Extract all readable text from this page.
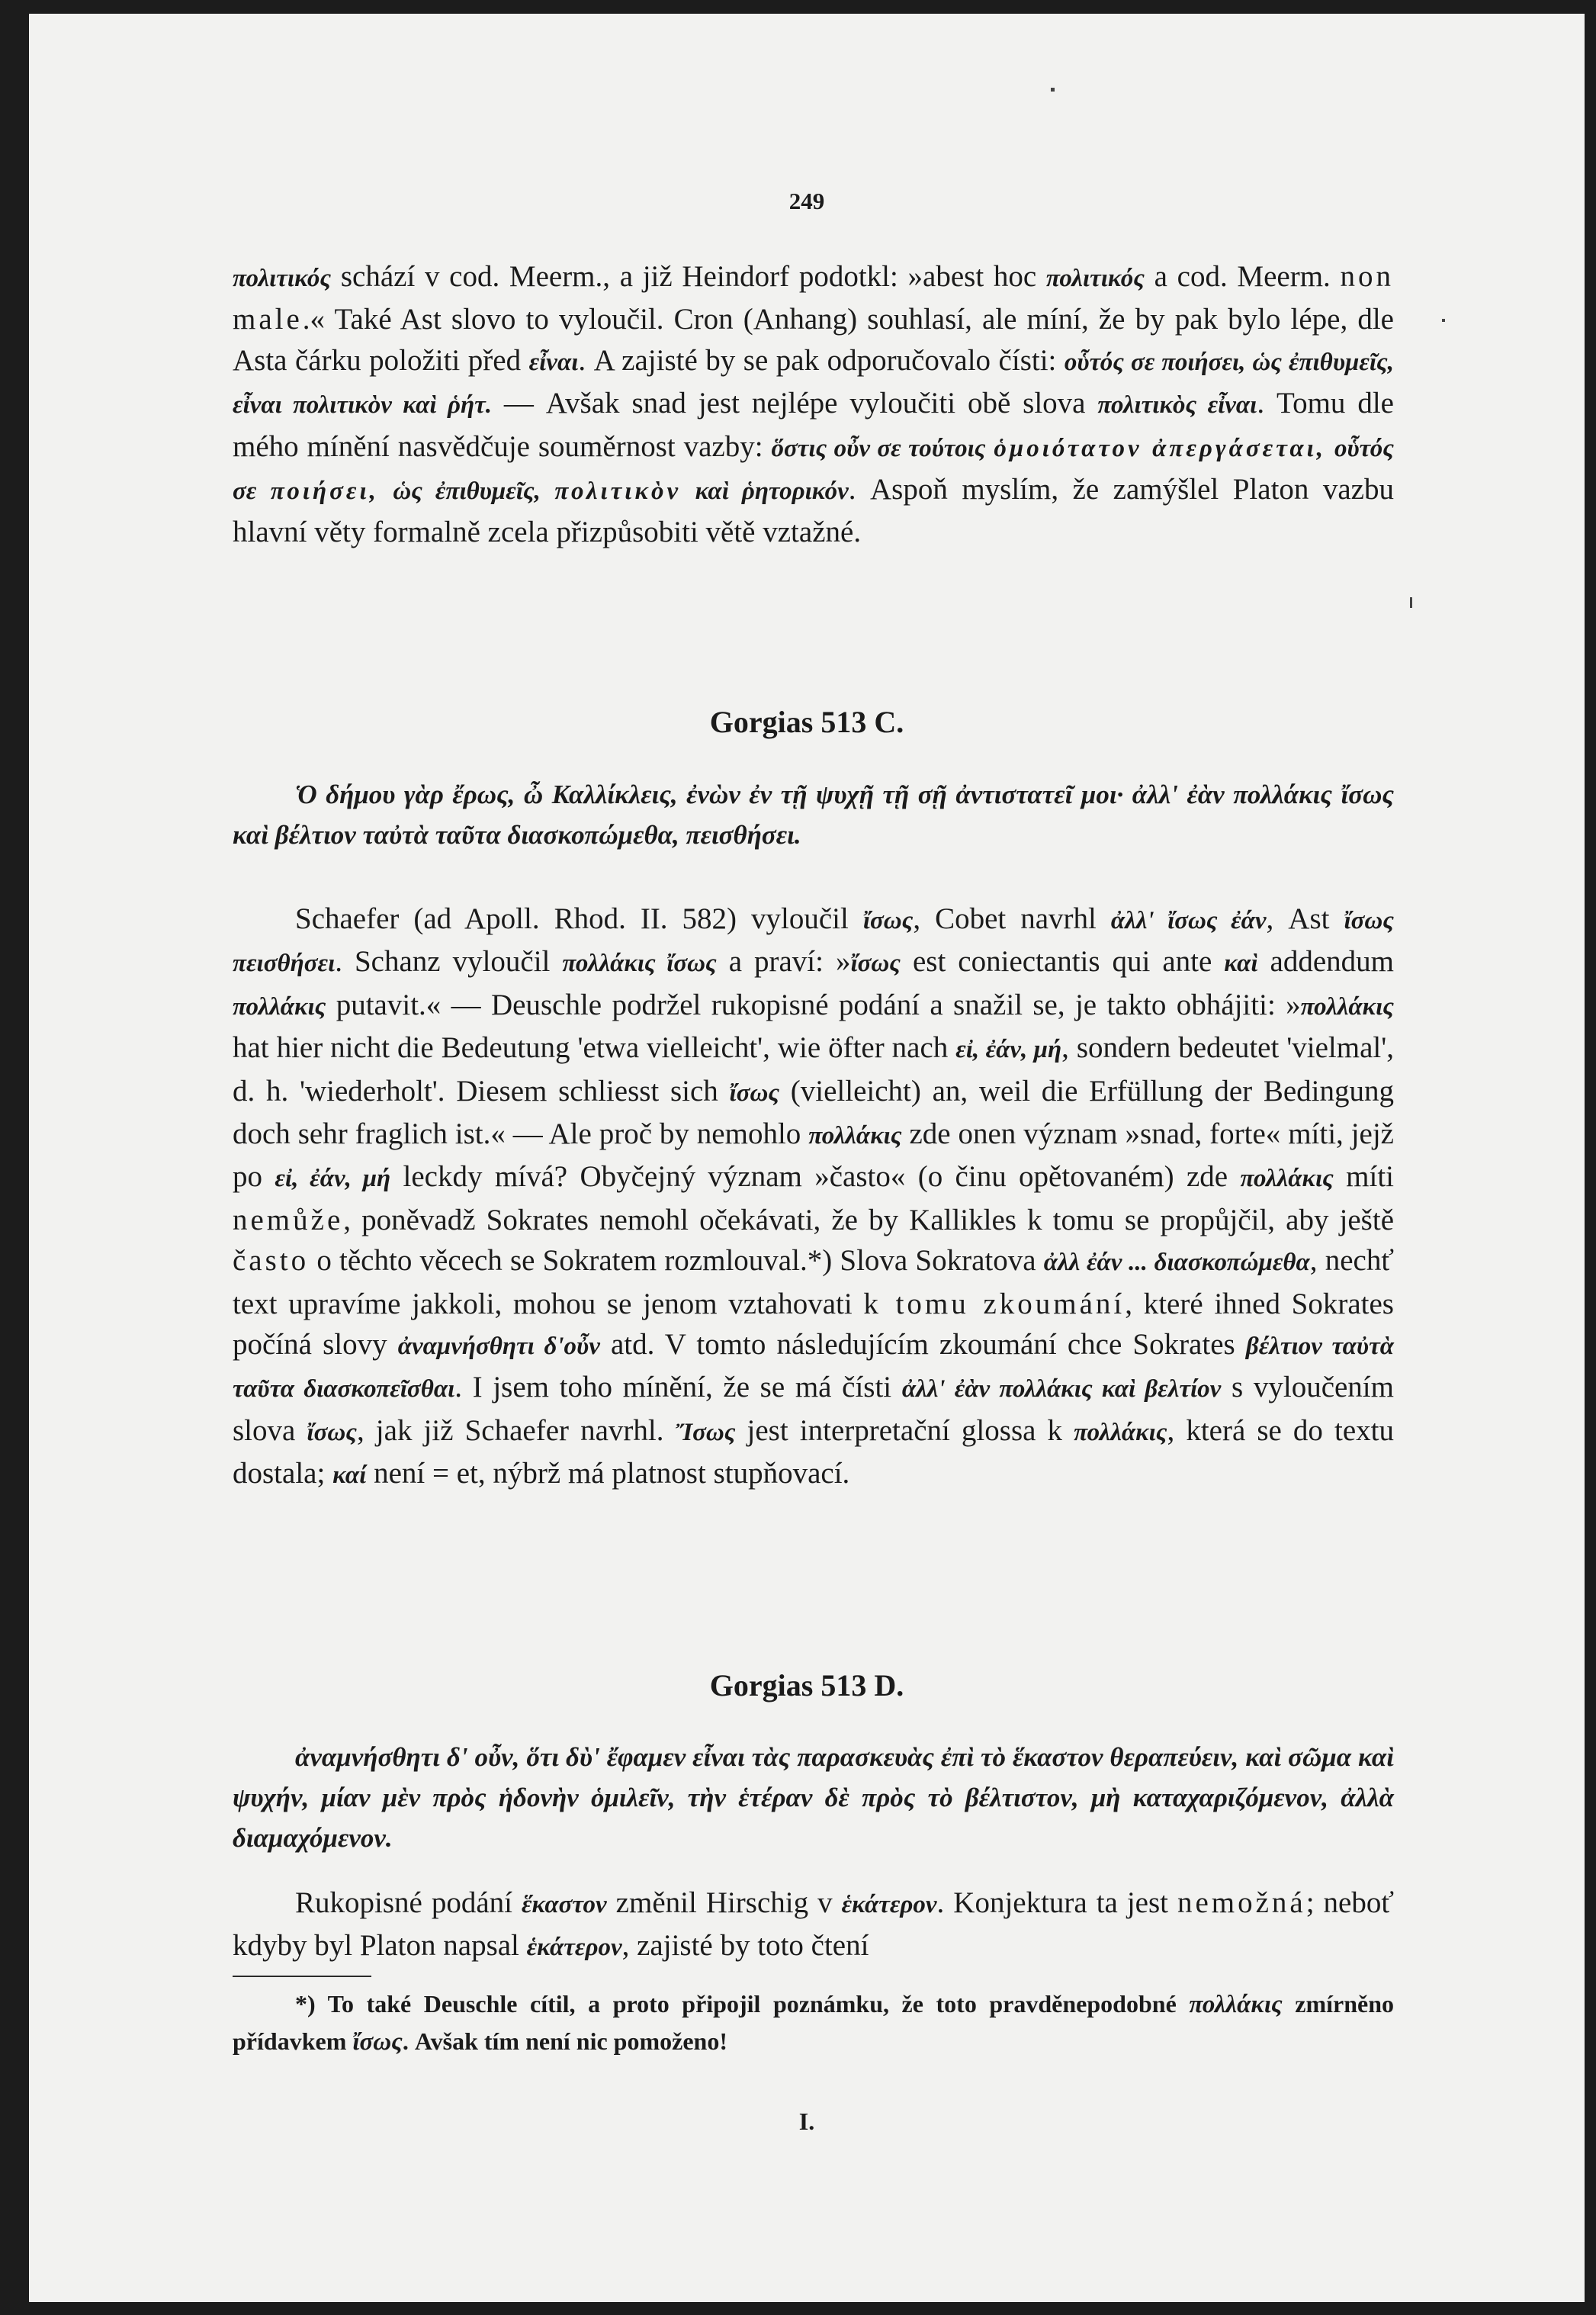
249

πολιτικός schází v cod. Meerm., a již Heindorf podotkl: »abest hoc πολιτικός a cod. Meerm. non male.« Také Ast slovo to vyloučil. Cron (Anhang) souhlasí, ale míní, že by pak bylo lépe, dle Asta čárku položiti před εἶναι. A zajisté by se pak odporučovalo čísti: οὗτός σε ποιήσει, ὡς ἐπιθυμεῖς, εἶναι πολιτικὸν καὶ ῥήτ. — Avšak snad jest nejlépe vyloučiti obě slova πολιτικὸς εἶναι. Tomu dle mého mínění nasvědčuje souměrnost vazby: ὅστις οὖν σε τούτοις ὁμοιότατον ἀπεργάσεται, οὗτός σε ποιήσει, ὡς ἐπιθυμεῖς, πολιτικὸν καὶ ῥητορικόν. Aspoň myslím, že zamýšlel Platon vazbu hlavní věty formalně zcela přizpůsobiti větě vztažné.

Gorgias 513 C.

Ὁ δήμου γὰρ ἔρως, ὦ Καλλίκλεις, ἐνὼν ἐν τῇ ψυχῇ τῇ σῇ ἀντιστατεῖ μοι· ἀλλ' ἐὰν πολλάκις ἴσως καὶ βέλτιον ταὐτὰ ταῦτα διασκοπώμεθα, πεισθήσει.

Schaefer (ad Apoll. Rhod. II. 582) vyloučil ἴσως, Cobet navrhl ἀλλ' ἴσως ἐάν, Ast ἴσως πεισθήσει. Schanz vyloučil πολλάκις ἴσως a praví: »ἴσως est coniectantis qui ante καὶ addendum πολλάκις putavit.« — Deuschle podržel rukopisné podání a snažil se, je takto obhájiti: »πολλάκις hat hier nicht die Bedeutung 'etwa vielleicht', wie öfter nach εἰ, ἐάν, μή, sondern bedeutet 'vielmal', d. h. 'wiederholt'. Diesem schliesst sich ἴσως (vielleicht) an, weil die Erfüllung der Bedingung doch sehr fraglich ist.« — Ale proč by nemohlo πολλάκις zde onen význam »snad, forte« míti, jejž po εἰ, ἐάν, μή leckdy mívá? Obyčejný význam »často« (o činu opětovaném) zde πολλάκις míti nemůže, poněvadž Sokrates nemohl očekávati, že by Kallikles k tomu se propůjčil, aby ještě často o těchto věcech se Sokratem rozmlouval.*) Slova Sokratova ἀλλ ἐάν ... διασκοπώμεθα, nechť text upravíme jakkoli, mohou se jenom vztahovati k tomu zkoumání, které ihned Sokrates počíná slovy ἀναμνήσθητι δ'οὖν atd. V tomto následujícím zkoumání chce Sokrates βέλτιον ταὐτὰ ταῦτα διασκοπεῖσθαι. I jsem toho mínění, že se má čísti ἀλλ' ἐὰν πολλάκις καὶ βελτίον s vyloučením slova ἴσως, jak již Schaefer navrhl. Ἴσως jest interpretační glossa k πολλάκις, která se do textu dostala; καί není = et, nýbrž má platnost stupňovací.

Gorgias 513 D.

ἀναμνήσθητι δ' οὖν, ὅτι δὺ' ἔφαμεν εἶναι τὰς παρασκευὰς ἐπὶ τὸ ἕκαστον θεραπεύειν, καὶ σῶμα καὶ ψυχήν, μίαν μὲν πρὸς ἡδονὴν ὁμιλεῖν, τὴν ἑτέραν δὲ πρὸς τὸ βέλτιστον, μὴ καταχαριζόμενον, ἀλλὰ διαμαχόμενον.

Rukopisné podání ἕκαστον změnil Hirschig v ἑκάτερον. Konjektura ta jest nemožná; neboť kdyby byl Platon napsal ἑκάτερον, zajisté by toto čtení

*) To také Deuschle cítil, a proto připojil poznámku, že toto pravděnepodobné πολλάκις zmírněno přídavkem ἴσως. Avšak tím není nic pomoženo!

I.
